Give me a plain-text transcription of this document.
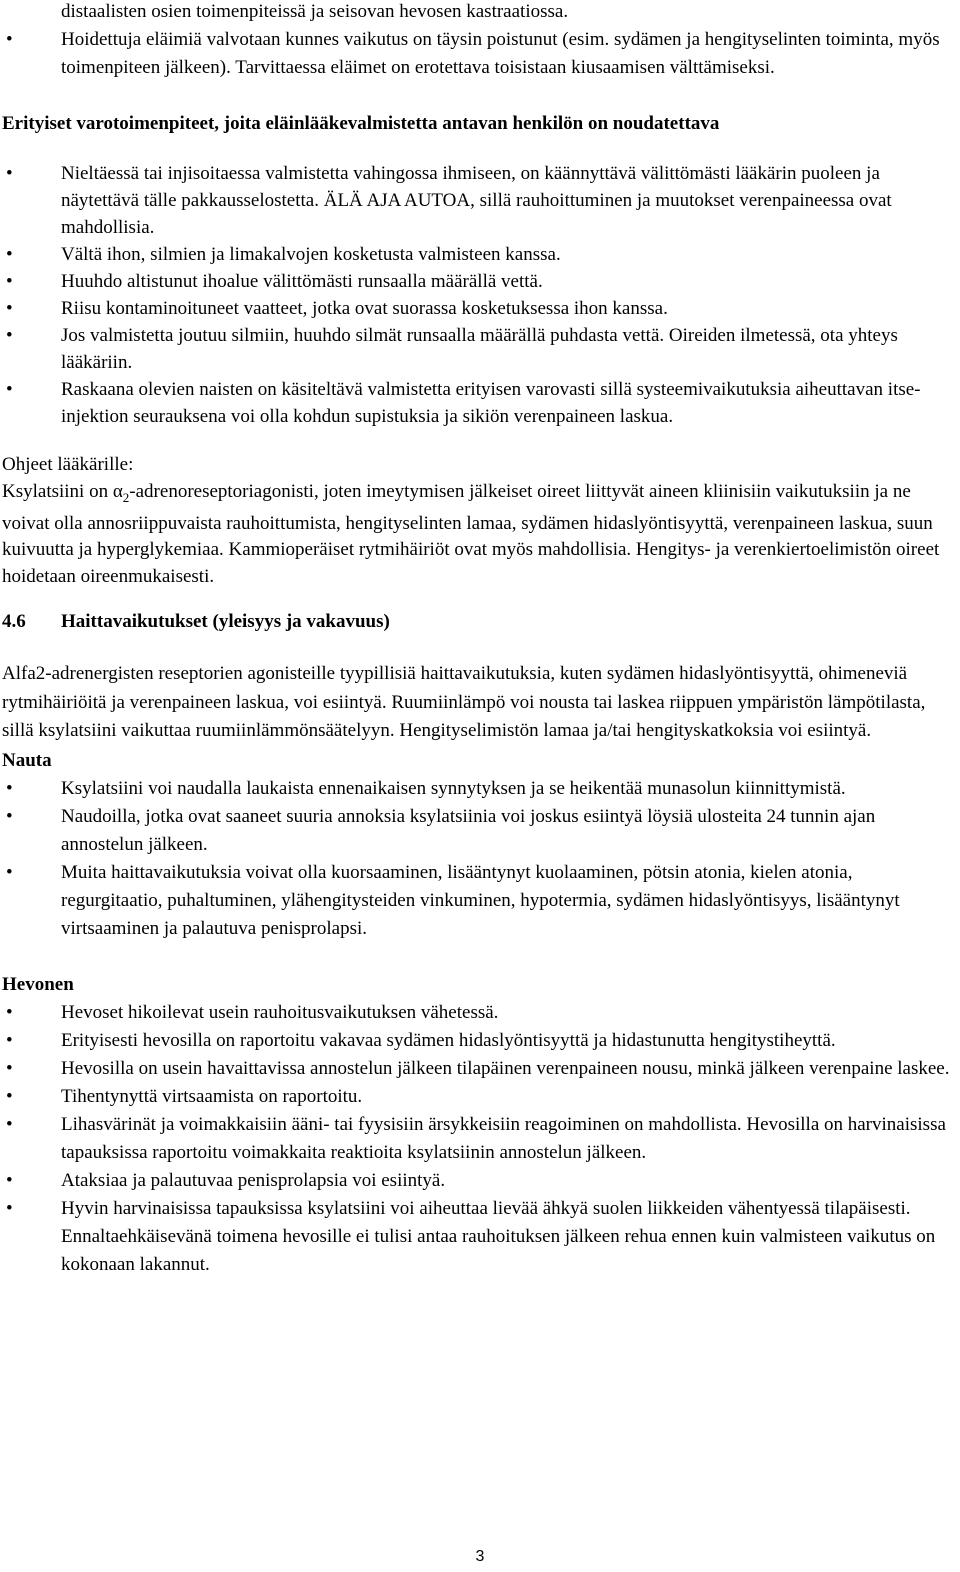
distaalisten osien toimenpiteissä ja seisovan hevosen kastraatiossa.

• Hoidettuja eläimiä valvotaan kunnes vaikutus on täysin poistunut (esim. sydämen ja hengityselinten toiminta, myös toimenpiteen jälkeen). Tarvittaessa eläimet on erotettava toisistaan kiusaamisen välttämiseksi.
Erityiset varotoimenpiteet, joita eläinlääkevalmistetta antavan henkilön on noudatettava
• Nieltäessä tai injisoitaessa valmistetta vahingossa ihmiseen, on käännyttävä välittömästi lääkärin puoleen ja näytettävä tälle pakkausselostetta. ÄLÄ AJA AUTOA, sillä rauhoittuminen ja muutokset verenpaineessa ovat mahdollisia.
• Vältä ihon, silmien ja limakalvojen kosketusta valmisteen kanssa.
• Huuhdo altistunut ihoalue välittömästi runsaalla määrällä vettä.
• Riisu kontaminoituneet vaatteet, jotka ovat suorassa kosketuksessa ihon kanssa.
• Jos valmistetta joutuu silmiin, huuhdo silmät runsaalla määrällä puhdasta vettä. Oireiden ilmetessä, ota yhteys lääkäriin.
• Raskaana olevien naisten on käsiteltävä valmistetta erityisen varovasti sillä systeemivaikutuksia aiheuttavan itse-injektion seurauksena voi olla kohdun supistuksia ja sikiön verenpaineen laskua.

Ohjeet lääkärille:

Ksylatsiini on $\alpha_2$-adrenoreseptoriagonisti, joten imeytymisen jälkeiset oireet liittyvät aineen kliinisiin vaikutuksiin ja ne voivat olla annosriippuvaista rauhoittumista, hengityselinten lamaa, sydämen hidaslyöntisyyttä, verenpaineen laskua, suun kuivuutta ja hyperglykemiaa. Kammioperäiset rytmihäiriöt ovat myös mahdollisia. Hengitys- ja verenkiertoelimistön oireet hoidetaan oireenmukaisesti.

4.6	Haittavaikutukset (yleisyys ja vakavuus)

Alfa2-adrenergisten reseptorien agonisteille tyypillisiä haittavaikutuksia, kuten sydämen hidaslyöntisyyttä, ohimeneviä rytmihäiriöitä ja verenpaineen laskua, voi esiintyä. Ruumiinlämpö voi nousta tai laskea riippuen ympäristön lämpötilasta, sillä ksylatsiini vaikuttaa ruumiinlämmönsäätelyyn. Hengityselimistön lamaa ja/tai hengityskatkoksia voi esiintyä.

Nauta
• Ksylatsiini voi naudalla laukaista ennenaikaisen synnytyksen ja se heikentää munasolun kiinnittymistä.
• Naudoilla, jotka ovat saaneet suuria annoksia ksylatsiinia voi joskus esiintyä löysiä ulosteita 24 tunnin ajan annostelun jälkeen.
• Muita haittavaikutuksia voivat olla kuorsaaminen, lisääntynyt kuolaaminen, pötsin atonia, kielen atonia, regurgitaatio, puhaltuminen, ylähengitysteiden vinkuminen, hypotermia, sydämen hidaslyöntisyys, lisääntynyt virtsaaminen ja palautuva penisprolapsi.
Hevonen
• Hevoset hikoilevat usein rauhoitusvaikutuksen vähetessä.
• Erityisesti hevosilla on raportoitu vakavaa sydämen hidaslyöntisyyttä ja hidastunutta hengitystiheyttä.
• Hevosilla on usein havaittavissa annostelun jälkeen tilapäinen verenpaineen nousu, minkä jälkeen verenpaine laskee.
• Tihentynyttä virtsaamista on raportoitu.
• Lihasvärinät ja voimakkaisiin ääni- tai fyysisiin ärsykkeisiin reagoiminen on mahdollista. Hevosilla on harvinaisissa tapauksissa raportoitu voimakkaita reaktioita ksylatsiinin annostelun jälkeen.
• Ataksiaa ja palautuvaa penisprolapsia voi esiintyä.
• Hyvin harvinaisissa tapauksissa ksylatsiini voi aiheuttaa lievää ähkyä suolen liikkeiden vähentyessä tilapäisesti. Ennaltaehkäisevänä toimena hevosille ei tulisi antaa rauhoituksen jälkeen rehua ennen kuin valmisteen vaikutus on kokonaan lakannut.
3
